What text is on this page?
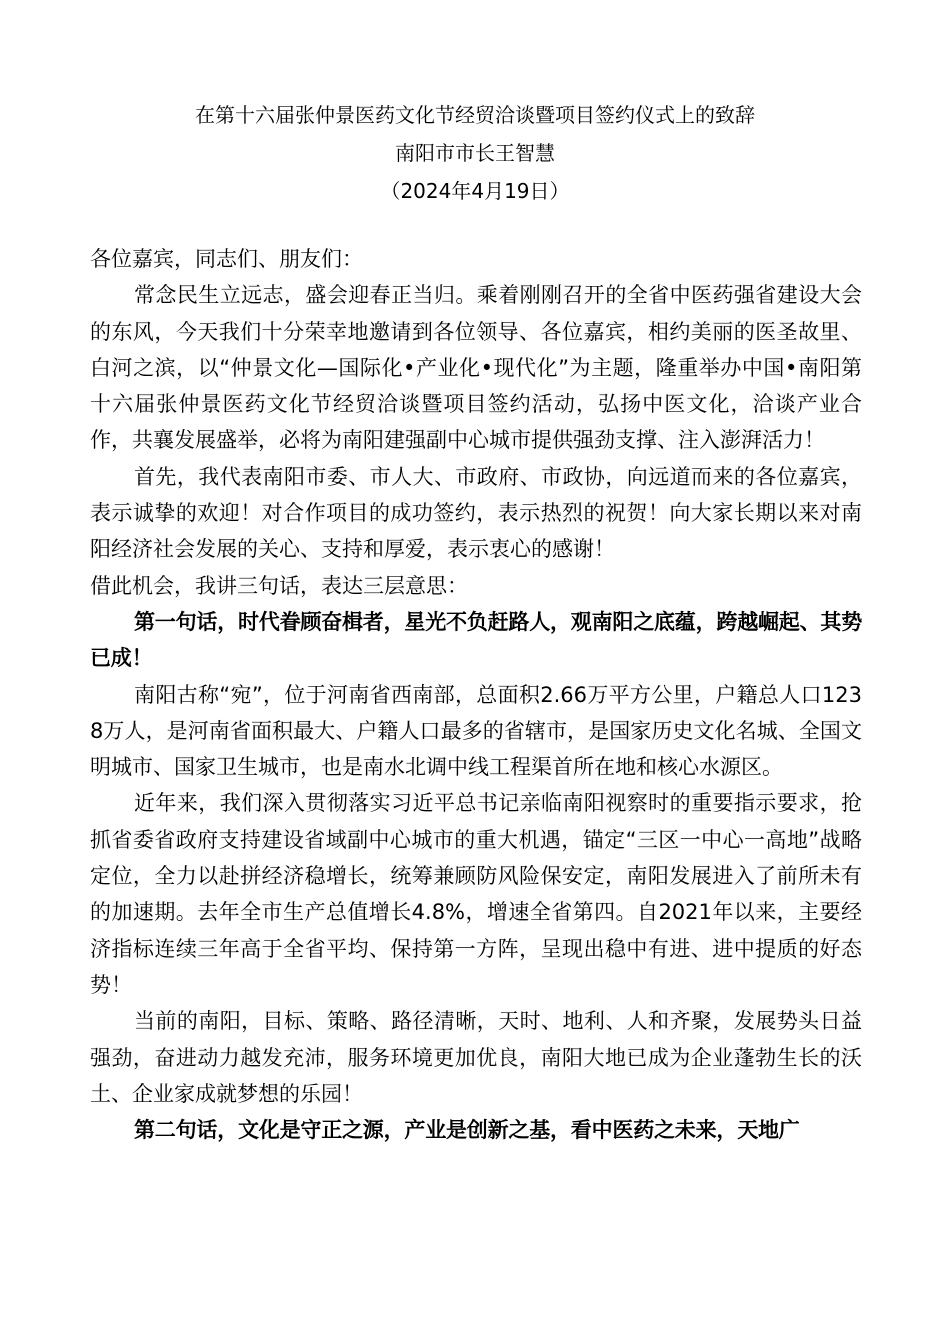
在第十六届张仲景医药文化节经贸洽谈暨项目签约仪式上的致辞
南阳市市长王智慧
（2024年4月19日）

各位嘉宾，同志们、朋友们：

常念民生立远志，盛会迎春正当归。乘着刚刚召开的全省中医药强省建设大会的东风，今天我们十分荣幸地邀请到各位领导、各位嘉宾，相约美丽的医圣故里、白河之滨，以“仲景文化—国际化•产业化•现代化”为主题，隆重举办中国•南阳第十六届张仲景医药文化节经贸洽谈暨项目签约活动，弘扬中医文化，洽谈产业合作，共襄发展盛举，必将为南阳建强副中心城市提供强劲支撑、注入澎湃活力！

首先，我代表南阳市委、市人大、市政府、市政协，向远道而来的各位嘉宾，表示诚挚的欢迎！对合作项目的成功签约，表示热烈的祝贺！向大家长期以来对南阳经济社会发展的关心、支持和厚爱，表示衷心的感谢！

借此机会，我讲三句话，表达三层意思：

第一句话，时代眷顾奋楫者，星光不负赶路人，观南阳之底蕴，跨越崛起、其势已成！

南阳古称“宛”，位于河南省西南部，总面积2.66万平方公里，户籍总人口1238万人，是河南省面积最大、户籍人口最多的省辖市，是国家历史文化名城、全国文明城市、国家卫生城市，也是南水北调中线工程渠首所在地和核心水源区。

近年来，我们深入贯彻落实习近平总书记亲临南阳视察时的重要指示要求，抢抓省委省政府支持建设省域副中心城市的重大机遇，锚定“三区一中心一高地”战略定位，全力以赴拼经济稳增长，统筹兼顾防风险保安定，南阳发展进入了前所未有的加速期。去年全市生产总值增长4.8%，增速全省第四。自2021年以来，主要经济指标连续三年高于全省平均、保持第一方阵，呈现出稳中有进、进中提质的好态势！

当前的南阳，目标、策略、路径清晰，天时、地利、人和齐聚，发展势头日益强劲，奋进动力越发充沛，服务环境更加优良，南阳大地已成为企业蓬勃生长的沃土、企业家成就梦想的乐园！

第二句话，文化是守正之源，产业是创新之基，看中医药之未来，天地广
